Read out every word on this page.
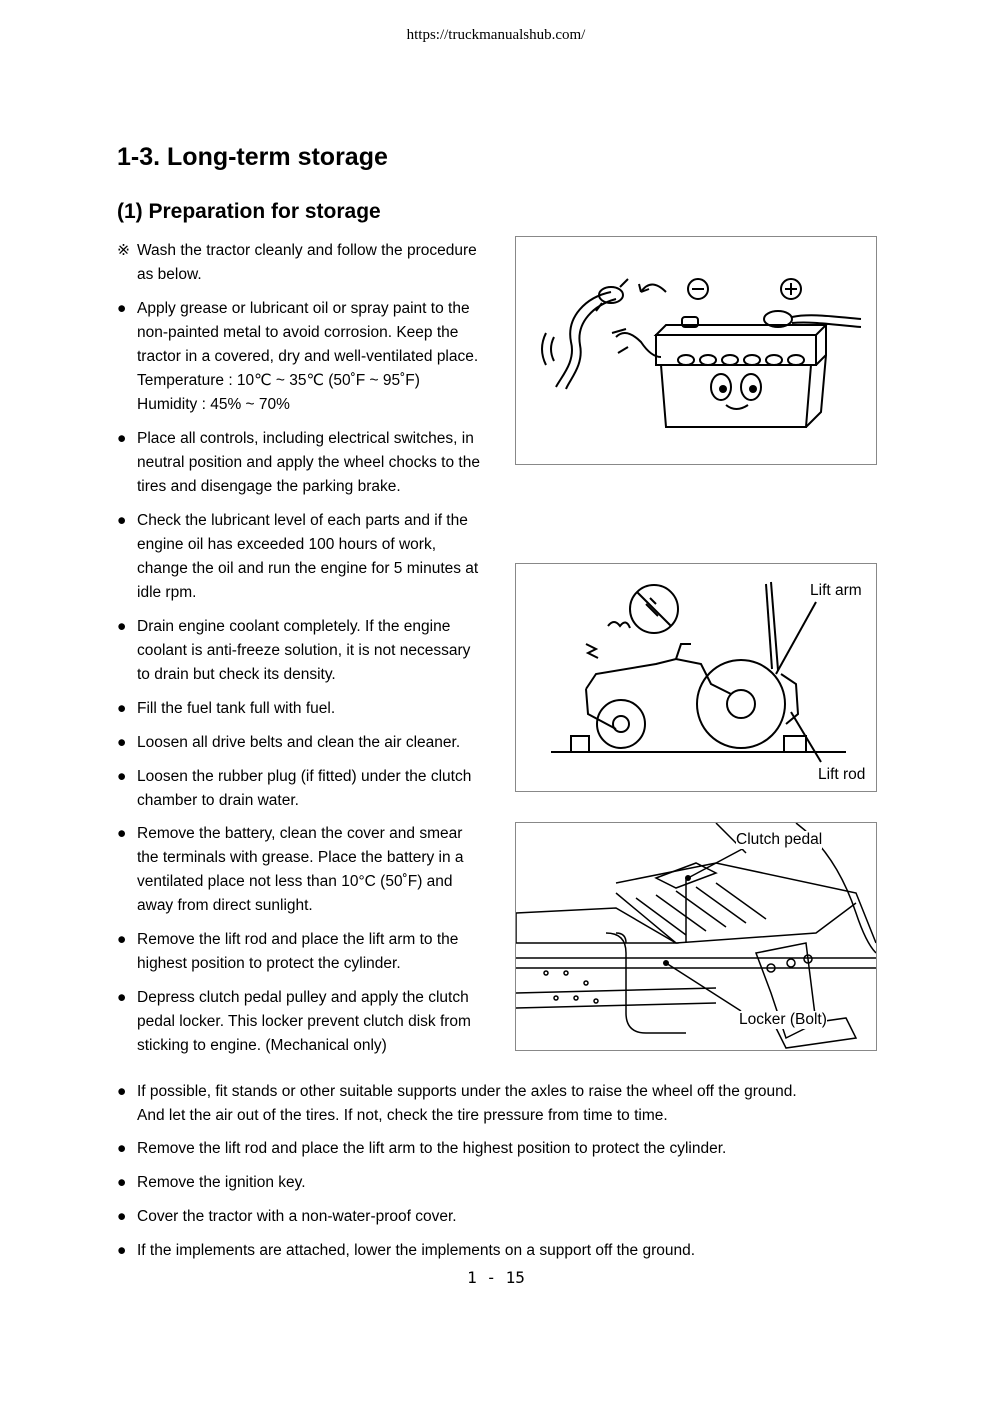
https://truckmanualshub.com/
1-3. Long-term storage
(1) Preparation for storage
※ Wash the tractor cleanly and follow the procedure
as below.
● Apply grease or lubricant oil or spray paint to the
non-painted metal to avoid corrosion. Keep the
tractor in a covered, dry and well-ventilated place.
Temperature : 10℃ ~ 35℃ (50˚F ~ 95˚F)
Humidity : 45% ~ 70%
● Place all controls, including electrical switches, in
neutral position and apply the wheel chocks to the
tires and disengage the parking brake.
● Check the lubricant level of each parts and if the
engine oil has exceeded 100 hours of work,
change the oil and run the engine for 5 minutes at
idle rpm.
● Drain engine coolant completely. If the engine
coolant is anti-freeze solution, it is not necessary
to drain but check its density.
● Fill the fuel tank full with fuel.
● Loosen all drive belts and clean the air cleaner.
● Loosen the rubber plug (if fitted) under the clutch
chamber to drain water.
● Remove the battery, clean the cover and smear
the terminals with grease. Place the battery in a
ventilated place not less than 10°C (50˚F) and
away from direct sunlight.
● Remove the lift rod and place the lift arm to the
highest position to protect the cylinder.
● Depress clutch pedal pulley and apply the clutch
pedal locker. This locker prevent clutch disk from
sticking to engine. (Mechanical only)
● If possible, fit stands or other suitable supports under the axles to raise the wheel off the ground.
And let the air out of the tires. If not, check the tire pressure from time to time.
● Remove the lift rod and place the lift arm to the highest position to protect the cylinder.
● Remove the ignition key.
● Cover the tractor with a non-water-proof cover.
● If the implements are attached, lower the implements on a support off the ground.
Lift arm
Lift rod
Clutch pedal
Locker (Bolt)
1 - 15
